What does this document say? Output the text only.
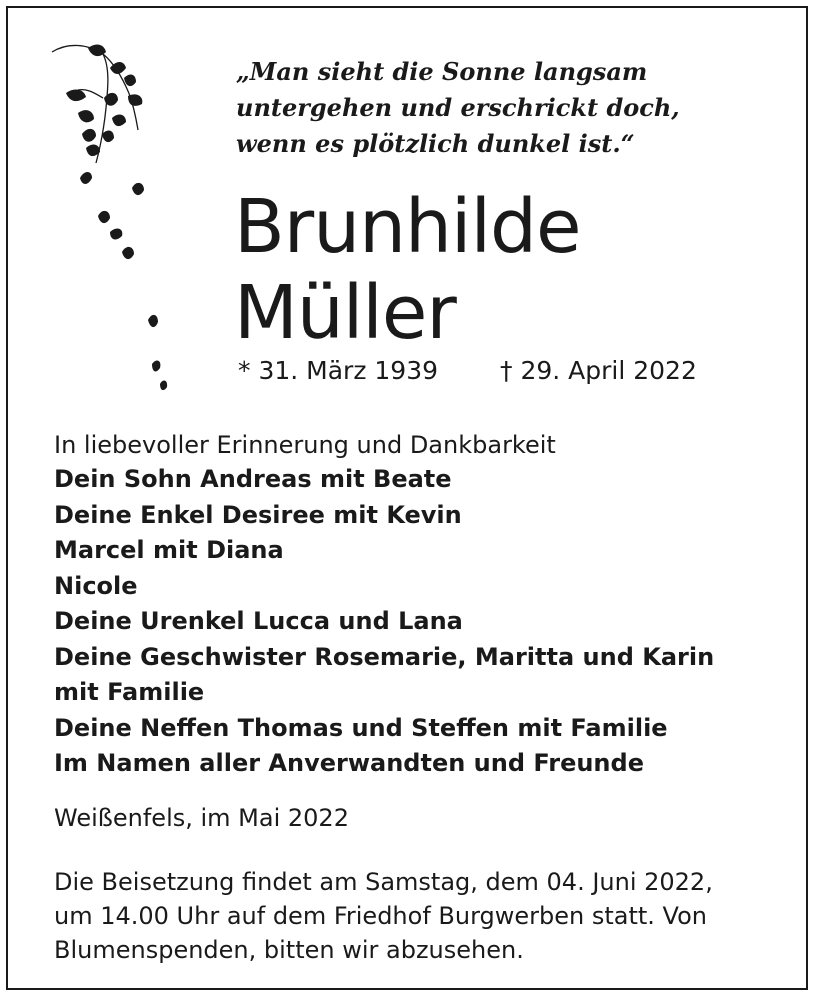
„Man sieht die Sonne langsam
untergehen und erschrickt doch,
wenn es plötzlich dunkel ist.“
Brunhilde
Müller
* 31. März 1939 † 29. April 2022
In liebevoller Erinnerung und Dankbarkeit
Dein Sohn Andreas mit Beate
Deine Enkel Desiree mit Kevin
Marcel mit Diana
Nicole
Deine Urenkel Lucca und Lana
Deine Geschwister Rosemarie, Maritta und Karin
mit Familie
Deine Neffen Thomas und Steffen mit Familie
Im Namen aller Anverwandten und Freunde
Weißenfels, im Mai 2022
Die Beisetzung findet am Samstag, dem 04. Juni 2022,
um 14.00 Uhr auf dem Friedhof Burgwerben statt. Von
Blumenspenden, bitten wir abzusehen.
